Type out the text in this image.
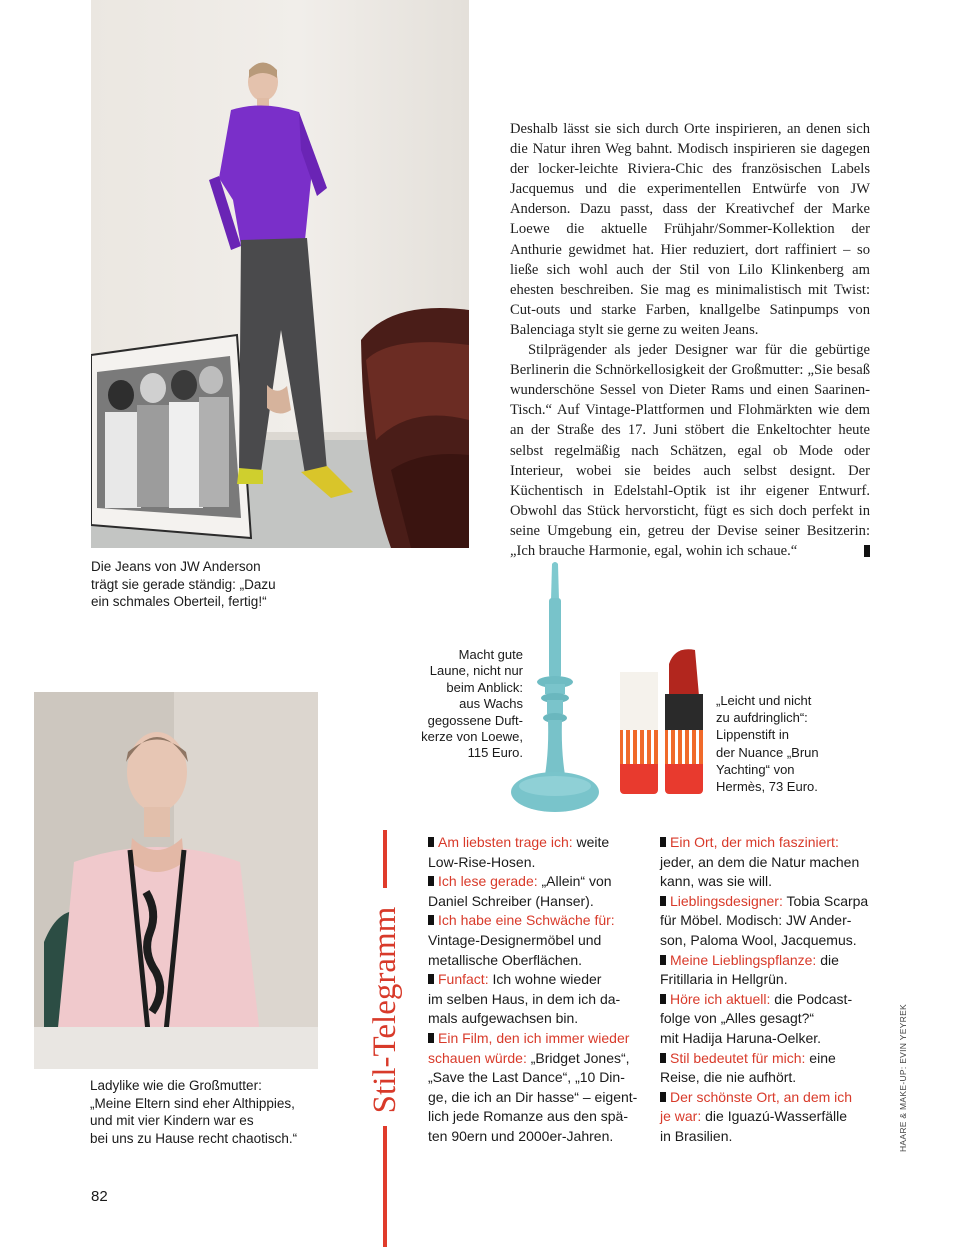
Die Jeans von JW Anderson
trägt sie gerade ständig: „Dazu
ein schmales Oberteil, fertig!“

Deshalb lässt sie sich durch Orte inspirieren, an denen sich die Natur ihren Weg bahnt. Modisch inspirieren sie dagegen der locker-leichte Riviera-Chic des französischen Labels Jacquemus und die experimentellen Entwürfe von JW Anderson. Dazu passt, dass der Kreativchef der Marke Loewe die aktuelle Frühjahr/Sommer-Kollektion der Anthurie gewidmet hat. Hier reduziert, dort raffiniert – so ließe sich wohl auch der Stil von Lilo Klinkenberg am ehesten beschreiben. Sie mag es minimalistisch mit Twist: Cut-outs und starke Farben, knallgelbe Satinpumps von Balenciaga stylt sie gerne zu weiten Jeans.

Stilprägender als jeder Designer war für die gebürtige Berlinerin die Schnörkellosigkeit der Großmutter: „Sie besaß wunderschöne Sessel von Dieter Rams und einen Saarinen-Tisch.“ Auf Vintage-Plattformen und Flohmärkten wie dem an der Straße des 17. Juni stöbert die Enkeltochter heute selbst regelmäßig nach Schätzen, egal ob Mode oder Interieur, wobei sie beides auch selbst designt. Der Küchentisch in Edelstahl-Optik ist ihr eigener Entwurf. Obwohl das Stück hervorsticht, fügt es sich doch perfekt in seine Umgebung ein, getreu der Devise seiner Besitzerin: „Ich brauche Harmonie, egal, wohin ich schaue.“

Macht gute
Laune, nicht nur
beim Anblick:
aus Wachs
gegossene Duft-
kerze von Loewe,
115 Euro.
„Leicht und nicht
zu aufdringlich“:
Lippenstift in
der Nuance „Brun
Yachting“ von
Hermès, 73 Euro.
Ladylike wie die Großmutter:
„Meine Eltern sind eher Althippies,
und mit vier Kindern war es
bei uns zu Hause recht chaotisch.“
Stil-Telegramm
Am liebsten trage ich: weite
Low-Rise-Hosen.
Ich lese gerade: „Allein“ von
Daniel Schreiber (Hanser).
Ich habe eine Schwäche für:
Vintage-Designermöbel und
metallische Oberflächen.
Funfact: Ich wohne wieder
im selben Haus, in dem ich da-
mals aufgewachsen bin.
Ein Film, den ich immer wieder
schauen würde: „Bridget Jones“,
„Save the Last Dance“, „10 Din-
ge, die ich an Dir hasse“ – eigent-
lich jede Romanze aus den spä-
ten 90ern und 2000er-Jahren.
Ein Ort, der mich fasziniert:
jeder, an dem die Natur machen
kann, was sie will.
Lieblingsdesigner: Tobia Scarpa
für Möbel. Modisch: JW Ander-
son, Paloma Wool, Jacquemus.
Meine Lieblingspflanze: die
Fritillaria in Hellgrün.
Höre ich aktuell: die Podcast-
folge von „Alles gesagt?“
mit Hadija Haruna-Oelker.
Stil bedeutet für mich: eine
Reise, die nie aufhört.
Der schönste Ort, an dem ich
je war: die Iguazú-Wasserfälle
in Brasilien.	HAARE & MAKE-UP: EVIN YEYREK
82
